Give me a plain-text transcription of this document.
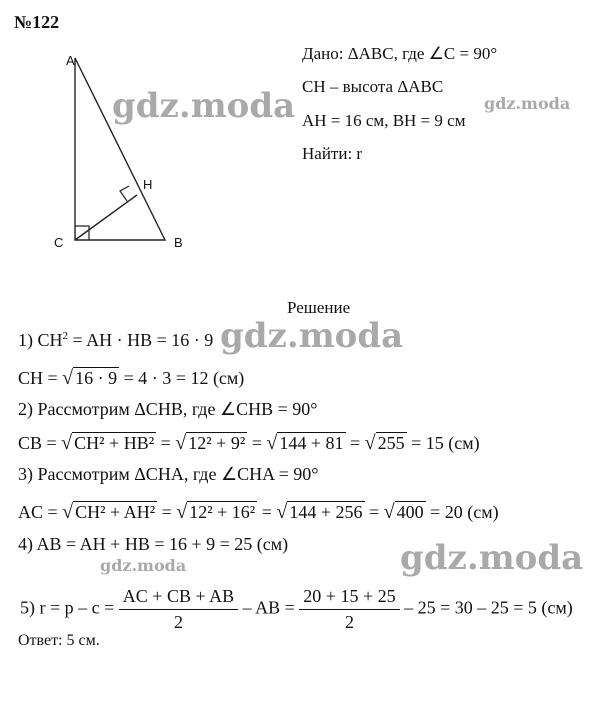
№122
A
H
C	B
Дано: ΔABC, где ∠C = 90°
CH – высота ΔABC
AH = 16 см, BH = 9 см
Найти: r
gdz.moda	gdz.moda
gdz.moda
gdz.moda	gdz.moda
Решение
1) $CH^2$ = AH · HB = 16 · 9
CH = √ 16 · 9 = 4 · 3 = 12 (см)
2) Рассмотрим ΔCHB, где ∠CHB = 90°
CB = √ CH² + HB² = √ 12² + 9² = √ 144 + 81 = √ 255 = 15 (см)
3) Рассмотрим ΔCHA, где ∠CHA = 90°
AC = √ CH² + AH² = √ 12² + 16² = √ 144 + 256 = √ 400 = 20 (см)
4) AB = AH + HB = 16 + 9 = 25 (см)
5) $r = p - c = \frac{AC + CB + AB}{2}$ – AB = $\frac{20 + 15 + 25}{2} - 25 = 30 - 25 = 5$ (см)
Ответ: 5 см.
